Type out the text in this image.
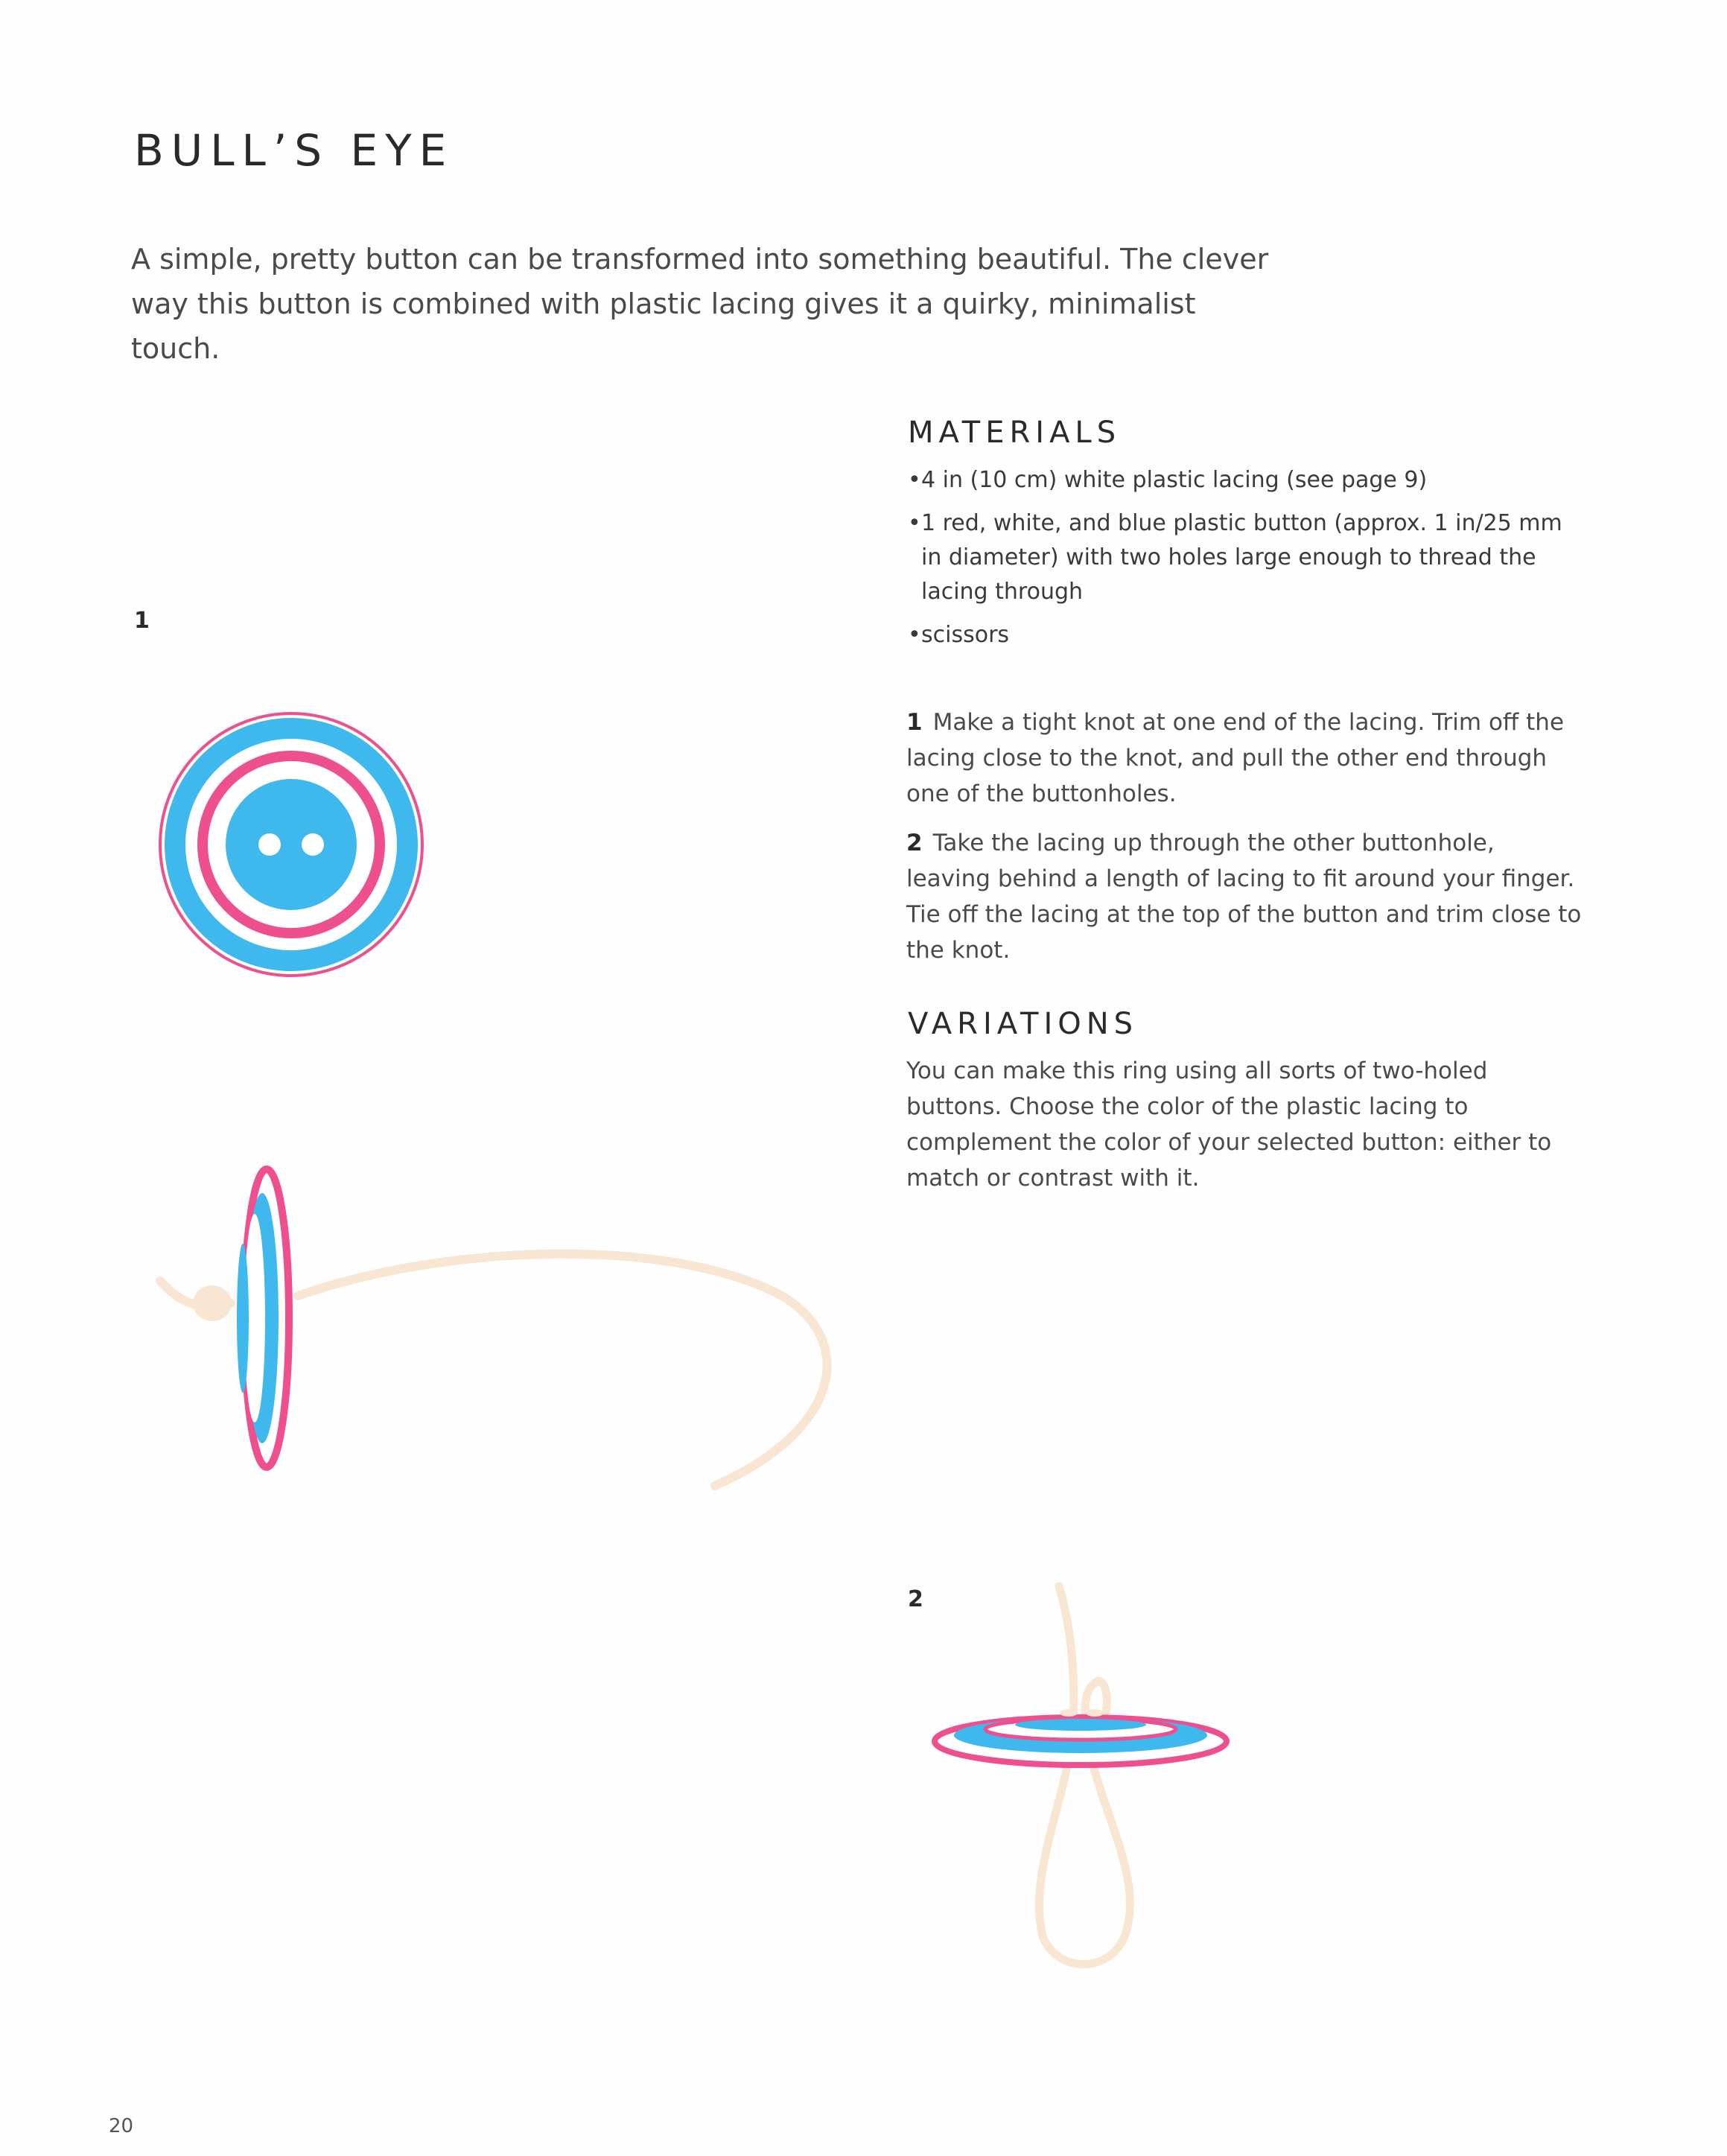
BULL’S EYE

A simple, pretty button can be transformed into something beautiful. The clever way this button is combined with plastic lacing gives it a quirky, minimalist touch.

MATERIALS
• 4 in (10 cm) white plastic lacing (see page 9)
• 1 red, white, and blue plastic button (approx. 1 in/25 mm in diameter) with two holes large enough to thread the lacing through
• scissors

1 Make a tight knot at one end of the lacing. Trim off the lacing close to the knot, and pull the other end through one of the buttonholes.

2 Take the lacing up through the other buttonhole, leaving behind a length of lacing to fit around your finger. Tie off the lacing at the top of the button and trim close to the knot.

VARIATIONS

You can make this ring using all sorts of two-holed buttons. Choose the color of the plastic lacing to complement the color of your selected button: either to match or contrast with it.

1
2
20
